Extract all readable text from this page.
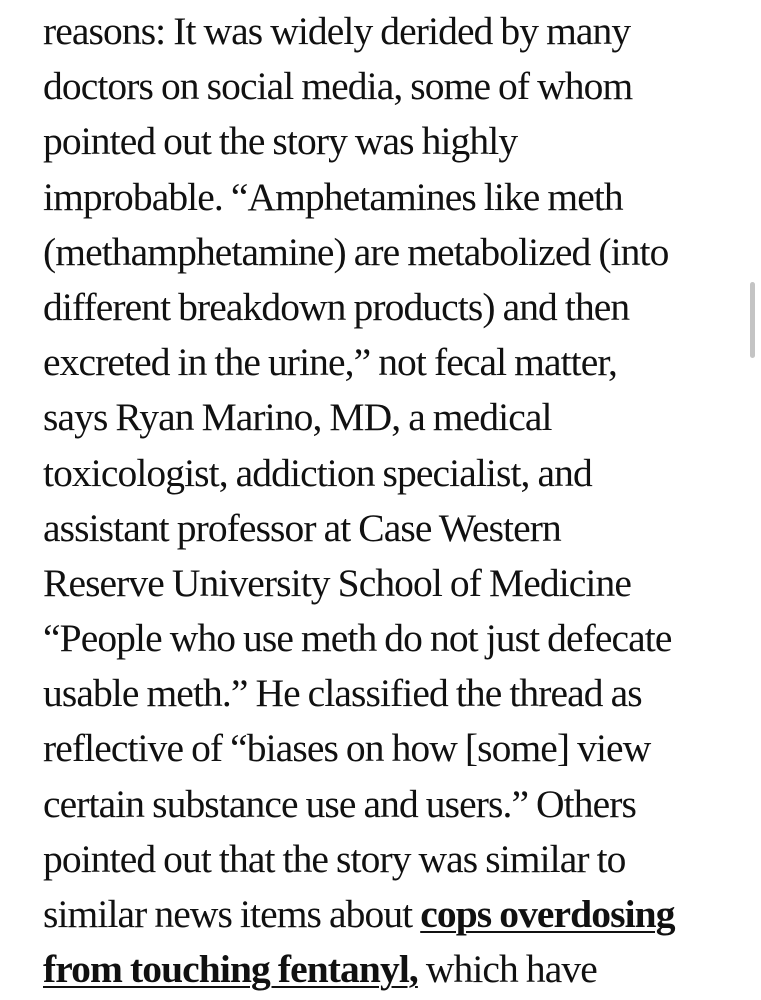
reasons: It was widely derided by many
doctors on social media, some of whom
pointed out the story was highly
improbable. “Amphetamines like meth
(methamphetamine) are metabolized (into
different breakdown products) and then
excreted in the urine,” not fecal matter,
says Ryan Marino, MD, a medical
toxicologist, addiction specialist, and
assistant professor at Case Western
Reserve University School of Medicine
“People who use meth do not just defecate
usable meth.” He classified the thread as
reflective of “biases on how [some] view
certain substance use and users.” Others
pointed out that the story was similar to
similar news items about cops overdosing
from touching fentanyl, which have
